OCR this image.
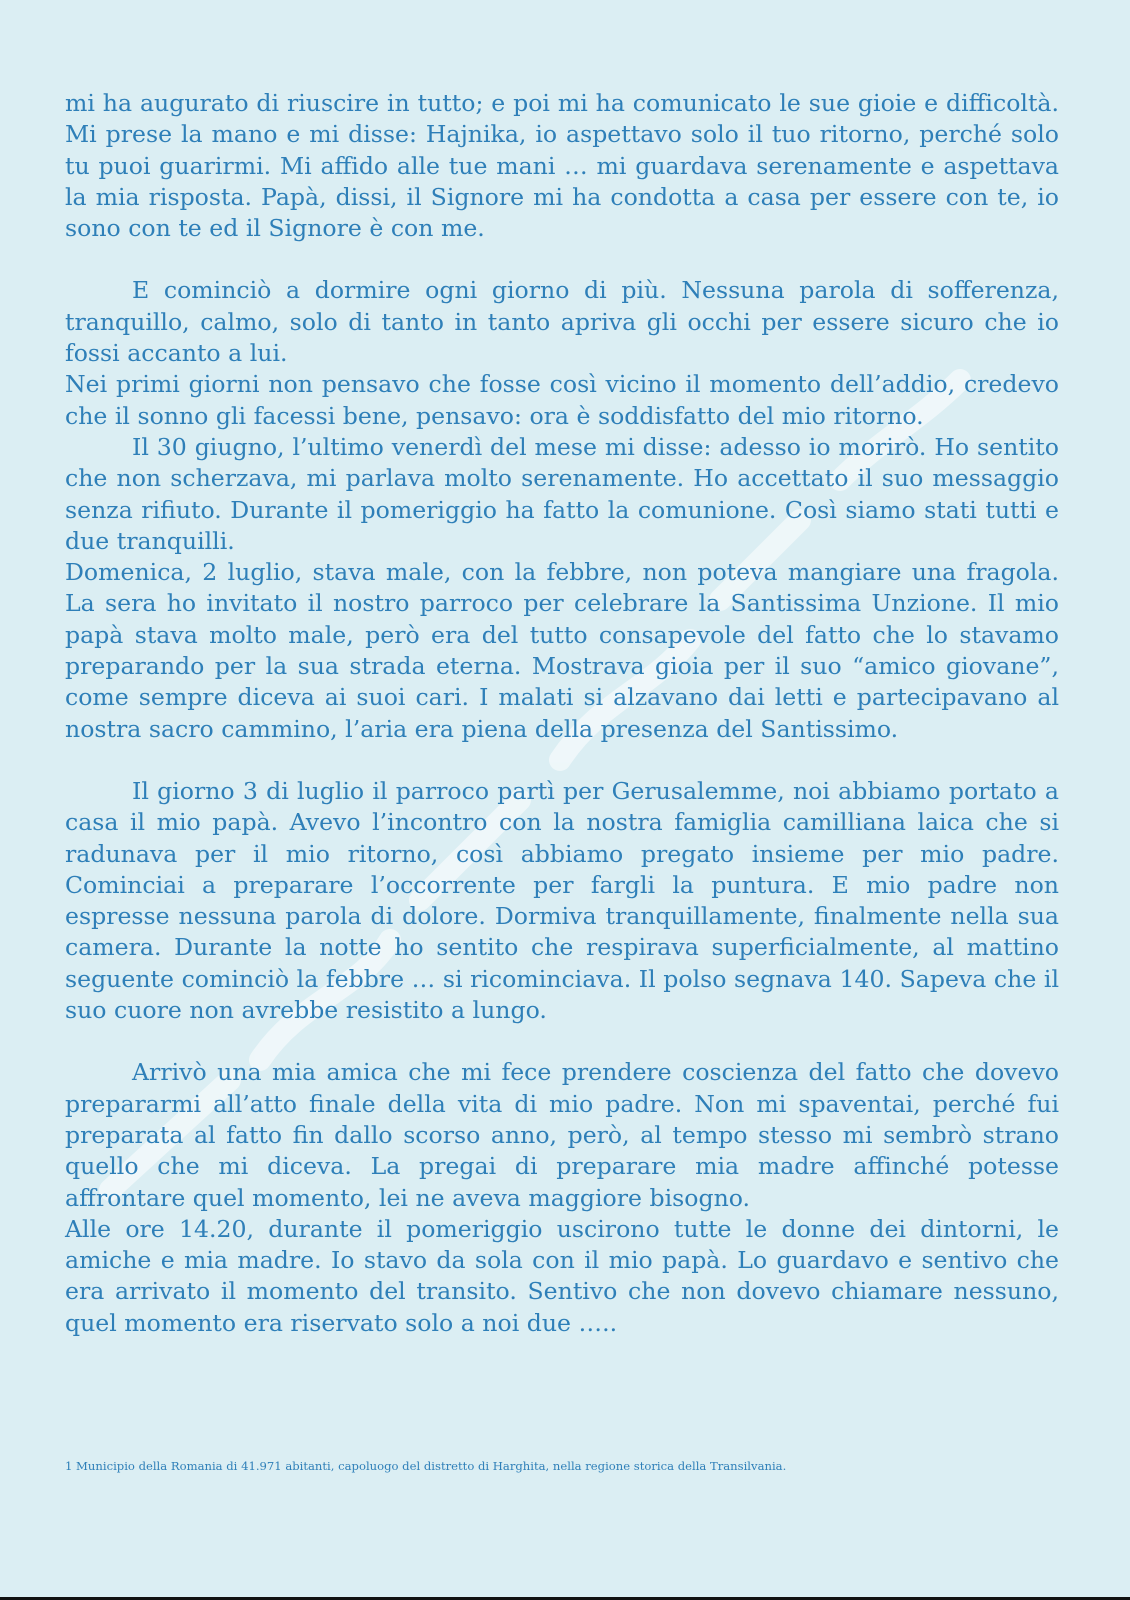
mi ha augurato di riuscire in tutto; e poi mi ha comunicato le sue gioie e difficoltà. Mi prese la mano e mi disse: Hajnika, io aspettavo solo il tuo ritorno, perché solo tu puoi guarirmi. Mi affido alle tue mani … mi guardava serenamente e aspettava la mia risposta. Papà, dissi, il Signore mi ha condotta a casa per essere con te, io sono con te ed il Signore è con me.

E cominciò a dormire ogni giorno di più. Nessuna parola di sofferenza, tranquillo, calmo, solo di tanto in tanto apriva gli occhi per essere sicuro che io fossi accanto a lui.

Nei primi giorni non pensavo che fosse così vicino il momento dell’addio, credevo che il sonno gli facessi bene, pensavo: ora è soddisfatto del mio ritorno.

Il 30 giugno, l’ultimo venerdì del mese mi disse: adesso io morirò. Ho sentito che non scherzava, mi parlava molto serenamente. Ho accettato il suo messaggio senza rifiuto. Durante il pomeriggio ha fatto la comunione. Così siamo stati tutti e due tranquilli.

Domenica, 2 luglio, stava male, con la febbre, non poteva mangiare una fragola. La sera ho invitato il nostro parroco per celebrare la Santissima Unzione. Il mio papà stava molto male, però era del tutto consapevole del fatto che lo stavamo preparando per la sua strada eterna. Mostrava gioia per il suo “amico giovane”, come sempre diceva ai suoi cari. I malati si alzavano dai letti e partecipavano al nostra sacro cammino, l’aria era piena della presenza del Santissimo.

Il giorno 3 di luglio il parroco partì per Gerusalemme, noi abbiamo portato a casa il mio papà. Avevo l’incontro con la nostra famiglia camilliana laica che si radunava per il mio ritorno, così abbiamo pregato insieme per mio padre. Cominciai a preparare l’occorrente per fargli la puntura. E mio padre non espresse nessuna parola di dolore. Dormiva tranquillamente, finalmente nella sua camera. Durante la notte ho sentito che respirava superficialmente, al mattino seguente cominciò la febbre … si ricominciava. Il polso segnava 140. Sapeva che il suo cuore non avrebbe resistito a lungo.

Arrivò una mia amica che mi fece prendere coscienza del fatto che dovevo prepararmi all’atto finale della vita di mio padre. Non mi spaventai, perché fui preparata al fatto fin dallo scorso anno, però, al tempo stesso mi sembrò strano quello che mi diceva. La pregai di preparare mia madre affinché potesse affrontare quel momento, lei ne aveva maggiore bisogno.

Alle ore 14.20, durante il pomeriggio uscirono tutte le donne dei dintorni, le amiche e mia madre. Io stavo da sola con il mio papà. Lo guardavo e sentivo che era arrivato il momento del transito. Sentivo che non dovevo chiamare nessuno, quel momento era riservato solo a noi due …..

1 Municipio della Romania di 41.971 abitanti, capoluogo del distretto di Harghita, nella regione storica della Transilvania.
